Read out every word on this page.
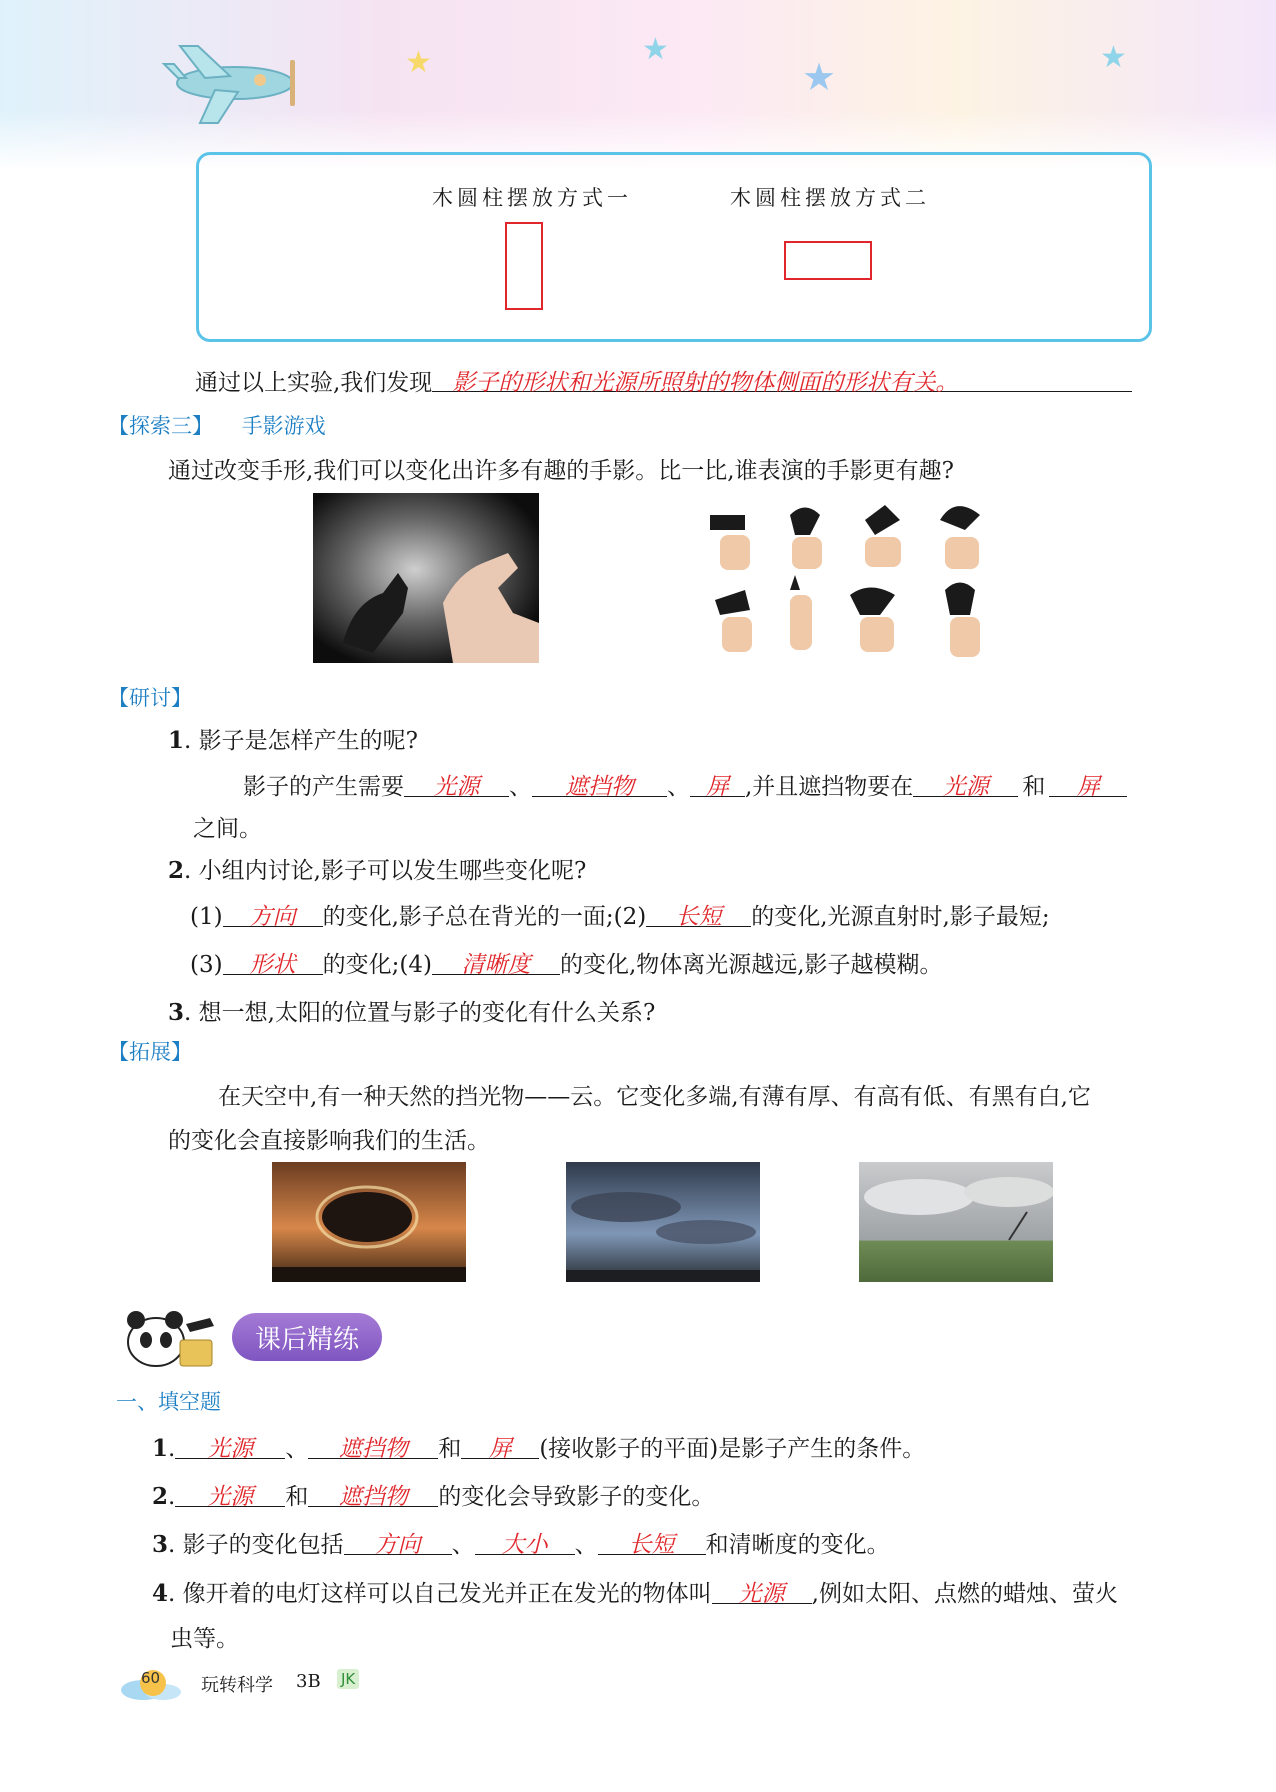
★	★
★	★
木圆柱摆放方式一	木圆柱摆放方式二
通过以上实验,我们发现 影子的形状和光源所照射的物体侧面的形状有关。
【探索三】 手影游戏
通过改变手形,我们可以变化出许多有趣的手影。比一比,谁表演的手影更有趣?
【研讨】
1. 影子是怎样产生的呢?
影子的产生需要 光源 、 遮挡物 、 屏 ,并且遮挡物要在 光源 和 屏
之间。
2. 小组内讨论,影子可以发生哪些变化呢?
(1) 方向 的变化,影子总在背光的一面;(2) 长短 的变化,光源直射时,影子最短;
(3) 形状 的变化;(4) 清晰度 的变化,物体离光源越远,影子越模糊。
3. 想一想,太阳的位置与影子的变化有什么关系?
【拓展】
在天空中,有一种天然的挡光物——云。它变化多端,有薄有厚、有高有低、有黑有白,它
的变化会直接影响我们的生活。
课后精练
一、填空题
1. 光源 、 遮挡物 和 屏 (接收影子的平面)是影子产生的条件。
2. 光源 和 遮挡物 的变化会导致影子的变化。
3. 影子的变化包括 方向 、 大小 、 长短 和清晰度的变化。
4. 像开着的电灯这样可以自己发光并正在发光的物体叫 光源 ,例如太阳、点燃的蜡烛、萤火
虫等。
60 玩转科学 3B JK
